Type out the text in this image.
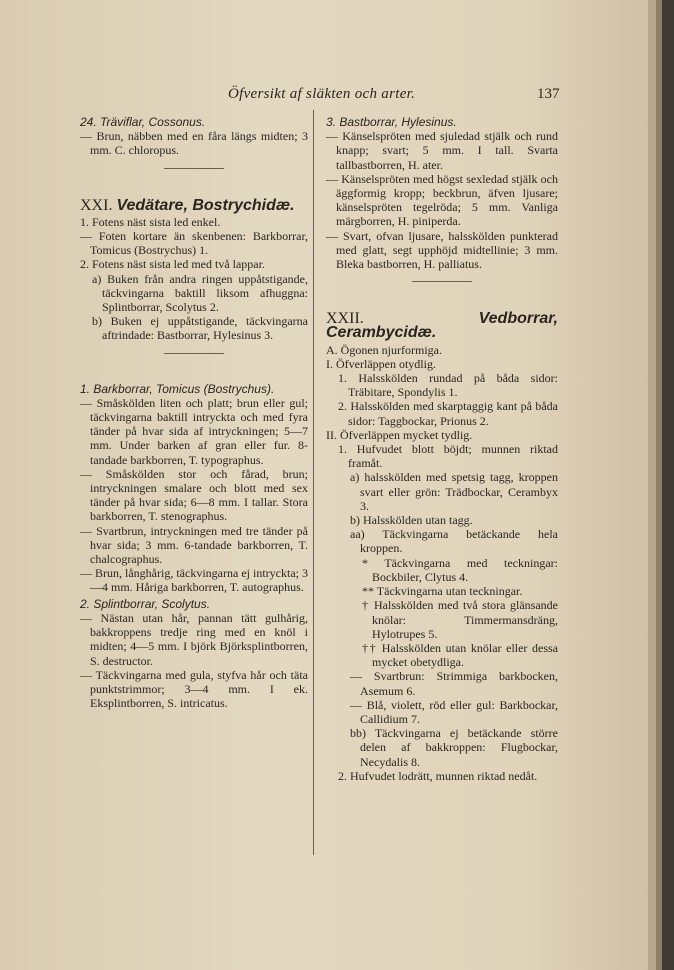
Öfversikt af släkten och arter.	137

24. Träviflar, Cossonus.

— Brun, näbben med en fåra längs midten; 3 mm. C. chloropus.

XXI. Vedätare, Bostrychidæ.

1. Fotens näst sista led enkel.

— Foten kortare än skenbenen: Barkborrar, Tomicus (Bostrychus) 1.

2. Fotens näst sista led med två lappar.

a) Buken från andra ringen uppåtstigande, täckvingarna baktill liksom afhuggna: Splintborrar, Scolytus 2.

b) Buken ej uppåtstigande, täckvingarna aftrindade: Bastborrar, Hylesinus 3.

1. Barkborrar, Tomicus (Bostrychus).

— Småskölden liten och platt; brun eller gul; täckvingarna baktill intryckta och med fyra tänder på hvar sida af intryckningen; 5—7 mm. Under barken af gran eller fur. 8-tandade barkborren, T. typographus.

— Småskölden stor och fårad, brun; intryckningen smalare och blott med sex tänder på hvar sida; 6—8 mm. I tallar. Stora barkborren, T. stenographus.

— Svartbrun, intryckningen med tre tänder på hvar sida; 3 mm. 6-tandade barkborren, T. chalcographus.

— Brun, långhårig, täckvingarna ej intryckta; 3—4 mm. Håriga barkborren, T. autographus.

2. Splintborrar, Scolytus.

— Nästan utan hår, pannan tätt gulhårig, bakkroppens tredje ring med en knöl i midten; 4—5 mm. I björk Björksplintborren, S. destructor.

— Täckvingarna med gula, styfva hår och täta punktstrimmor; 3—4 mm. I ek. Eksplintborren, S. intricatus.

3. Bastborrar, Hylesinus.

— Känselspröten med sjuledad stjälk och rund knapp; svart; 5 mm. I tall. Svarta tallbastborren, H. ater.

— Känselspröten med högst sexledad stjälk och äggformig kropp; beckbrun, äfven ljusare; känselspröten tegelröda; 5 mm. Vanliga märgborren, H. piniperda.

— Svart, ofvan ljusare, halsskölden punkterad med glatt, segt upphöjd midtellinie; 3 mm. Bleka bastborren, H. palliatus.

XXII. Vedborrar, Cerambycidæ.

A. Ögonen njurformiga.

I. Öfverläppen otydlig.

1. Halsskölden rundad på båda sidor: Träbitare, Spondylis 1.

2. Halsskölden med skarptaggig kant på båda sidor: Taggbockar, Prionus 2.

II. Öfverläppen mycket tydlig.

1. Hufvudet blott böjdt; munnen riktad framåt.

a) halsskölden med spetsig tagg, kroppen svart eller grön: Trädbockar, Cerambyx 3.

b) Halsskölden utan tagg.

aa) Täckvingarna betäckande hela kroppen.

* Täckvingarna med teckningar: Bockbiler, Clytus 4.

** Täckvingarna utan teckningar.

† Halsskölden med två stora glänsande knölar: Timmermansdräng, Hylotrupes 5.

†† Halsskölden utan knölar eller dessa mycket obetydliga.

— Svartbrun: Strimmiga barkbocken, Asemum 6.

— Blå, violett, röd eller gul: Barkbockar, Callidium 7.

bb) Täckvingarna ej betäckande större delen af bakkroppen: Flugbockar, Necydalis 8.

2. Hufvudet lodrätt, munnen riktad nedåt.
